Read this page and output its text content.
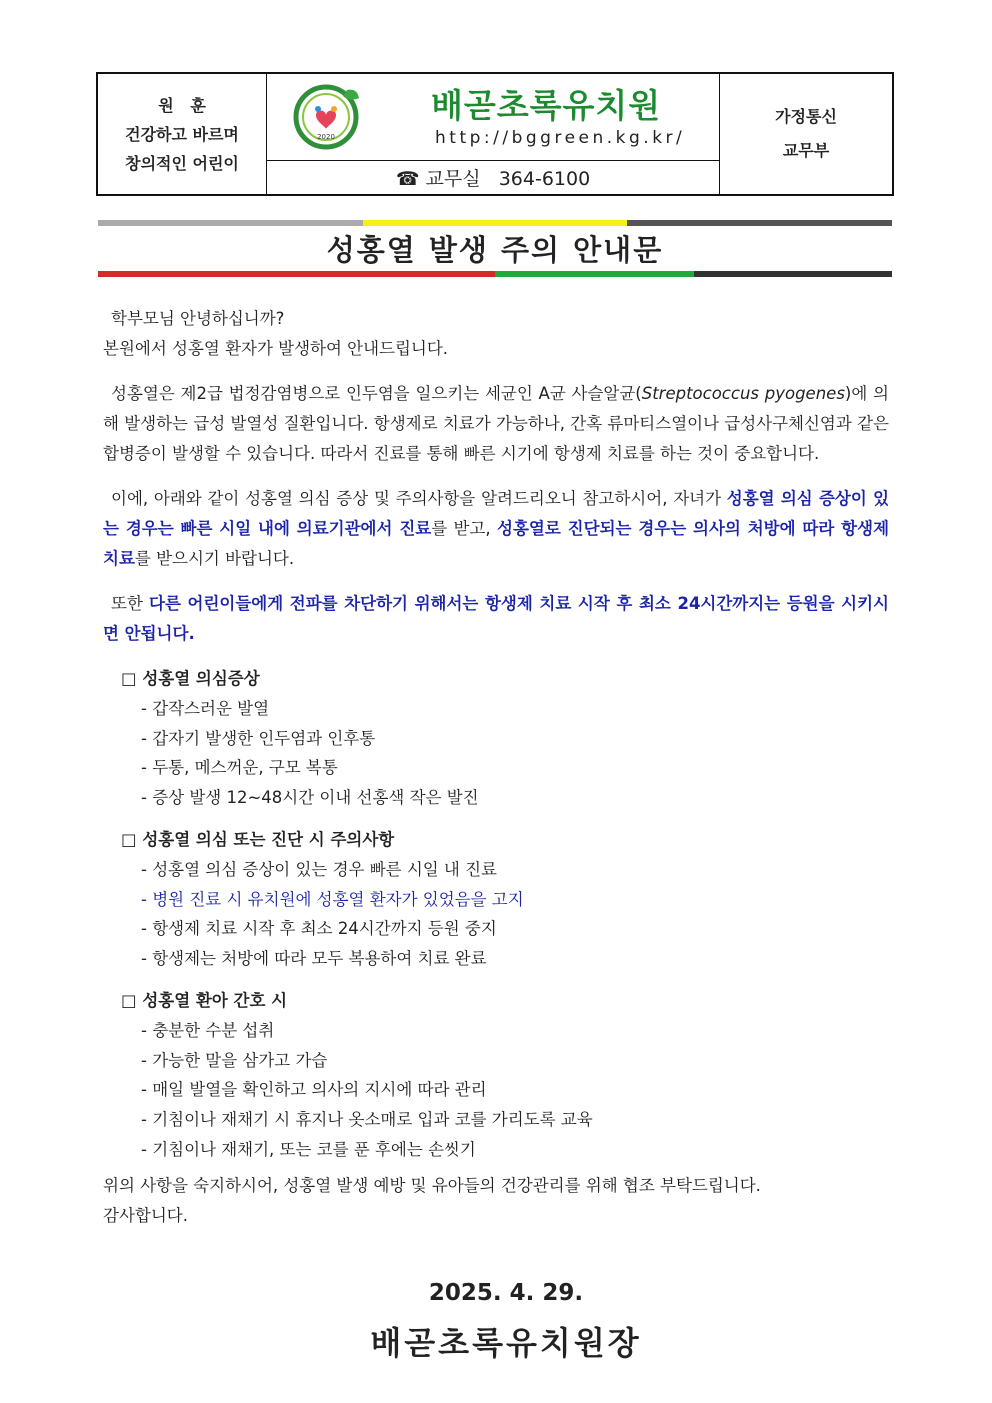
원   훈
건강하고 바르며
창의적인 어린이
2020
배곧초록유치원
http://bggreen.kg.kr/
☎ 교무실   364-6100
가정통신
교무부
성홍열 발생 주의 안내문

학부모님 안녕하십니까?

본원에서 성홍열 환자가 발생하여 안내드립니다.

성홍열은 제2급 법정감염병으로 인두염을 일으키는 세균인 A균 사슬알균(Streptococcus pyogenes)에 의해 발생하는 급성 발열성 질환입니다. 항생제로 치료가 가능하나, 간혹 류마티스열이나 급성사구체신염과 같은 합병증이 발생할 수 있습니다. 따라서 진료를 통해 빠른 시기에 항생제 치료를 하는 것이 중요합니다.

이에, 아래와 같이 성홍열 의심 증상 및 주의사항을 알려드리오니 참고하시어, 자녀가 성홍열 의심 증상이 있는 경우는 빠른 시일 내에 의료기관에서 진료를 받고, 성홍열로 진단되는 경우는 의사의 처방에 따라 항생제 치료를 받으시기 바랍니다.

또한 다른 어린이들에게 전파를 차단하기 위해서는 항생제 치료 시작 후 최소 24시간까지는 등원을 시키시면 안됩니다.

□ 성홍열 의심증상
- 갑작스러운 발열
- 갑자기 발생한 인두염과 인후통
- 두통, 메스꺼운, 구모 복통
- 증상 발생 12~48시간 이내 선홍색 작은 발진
□ 성홍열 의심 또는 진단 시 주의사항
- 성홍열 의심 증상이 있는 경우 빠른 시일 내 진료
- 병원 진료 시 유치원에 성홍열 환자가 있었음을 고지
- 항생제 치료 시작 후 최소 24시간까지 등원 중지
- 항생제는 처방에 따라 모두 복용하여 치료 완료
□ 성홍열 환아 간호 시
- 충분한 수분 섭취
- 가능한 말을 삼가고 가습
- 매일 발열을 확인하고 의사의 지시에 따라 관리
- 기침이나 재채기 시 휴지나 옷소매로 입과 코를 가리도록 교육
- 기침이나 재채기, 또는 코를 푼 후에는 손씻기

위의 사항을 숙지하시어, 성홍열 발생 예방 및 유아들의 건강관리를 위해 협조 부탁드립니다.

감사합니다.

2025. 4. 29.
배곧초록유치원장
